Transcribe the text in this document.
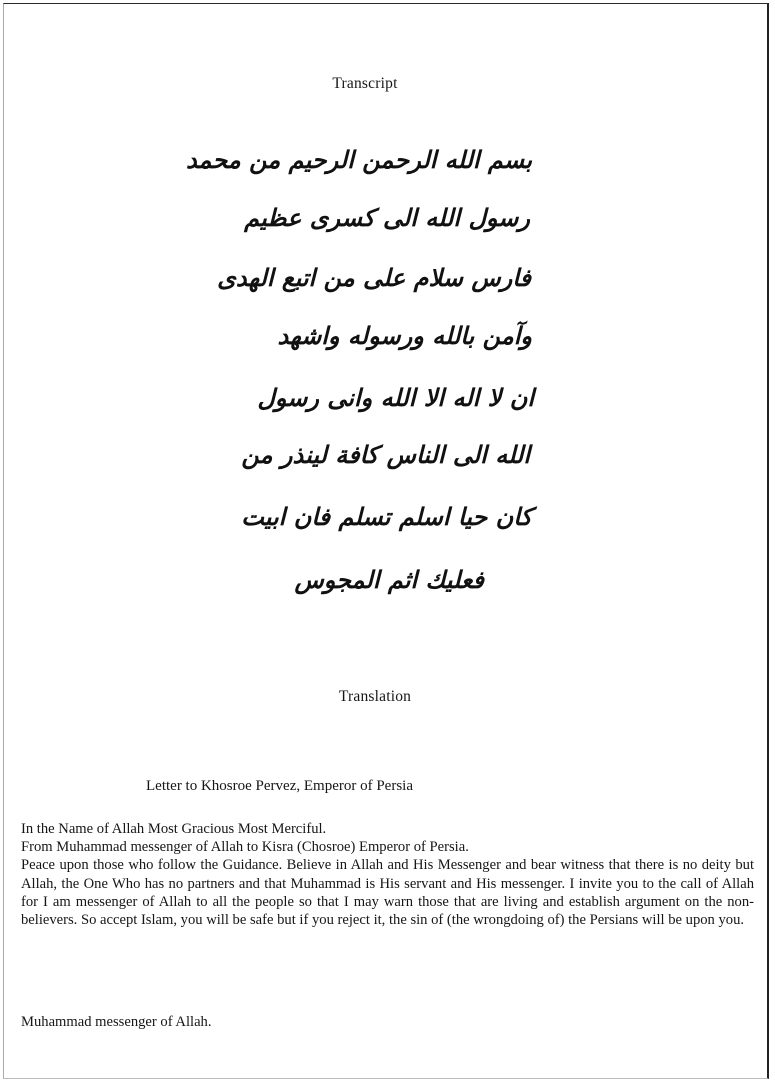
Transcript
بسم الله الرحمن الرحيم من محمد
رسول الله الى كسرى عظيم
فارس سلام على من اتبع الهدى
وآمن بالله ورسوله واشهد
ان لا اله الا الله وانى رسول
الله الى الناس كافة لينذر من
كان حيا اسلم تسلم فان ابيت
فعليك اثم المجوس
Translation
Letter to Khosroe Pervez, Emperor of Persia
In the Name of Allah Most Gracious Most Merciful.
From Muhammad messenger of Allah to Kisra (Chosroe) Emperor of Persia.
Peace upon those who follow the Guidance. Believe in Allah and His Messenger and bear witness that there is no deity but Allah, the One Who has no partners and that Muhammad is His servant and His messenger. I invite you to the call of Allah for I am messenger of Allah to all the people so that I may warn those that are living and establish argument on the non-believers. So accept Islam, you will be safe but if you reject it, the sin of (the wrongdoing of) the Persians will be upon you.
Muhammad messenger of Allah.
